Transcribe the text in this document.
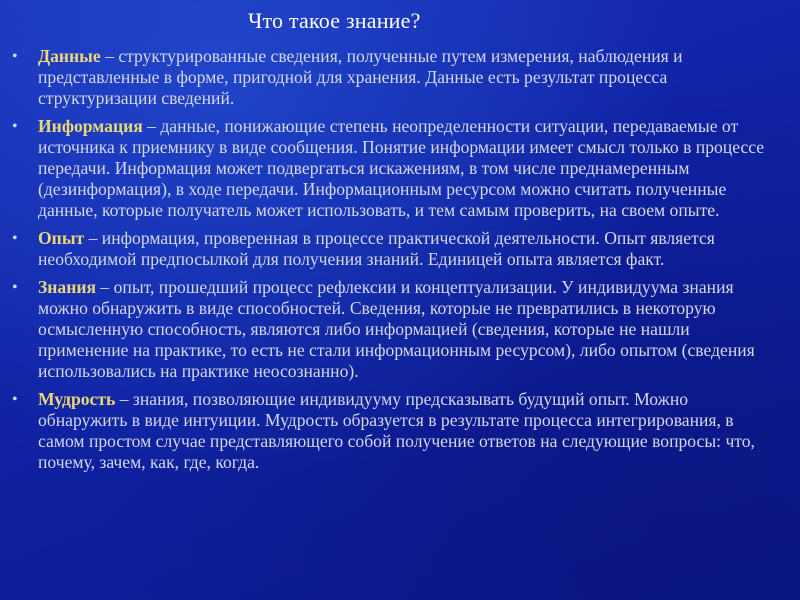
Что такое знание?
• Данные – структурированные сведения, полученные путем измерения, наблюдения и представленные в форме, пригодной для хранения. Данные есть результат процесса структуризации сведений.
• Информация – данные, понижающие степень неопределенности ситуации, передаваемые от источника к приемнику в виде сообщения. Понятие информации имеет смысл только в процессе передачи. Информация может подвергаться искажениям, в том числе преднамеренным (дезинформация), в ходе передачи. Информационным ресурсом можно считать полученные данные, которые получатель может использовать, и тем самым проверить, на своем опыте.
• Опыт – информация, проверенная в процессе практической деятельности. Опыт является необходимой предпосылкой для получения знаний. Единицей опыта является факт.
• Знания – опыт, прошедший процесс рефлексии и концептуализации. У индивидуума знания можно обнаружить в виде способностей. Сведения, которые не превратились в некоторую осмысленную способность, являются либо информацией (сведения, которые не нашли применение на практике, то есть не стали информационным ресурсом), либо опытом (сведения использовались на практике неосознанно).
• Мудрость – знания, позволяющие индивидууму предсказывать будущий опыт. Можно обнаружить в виде интуиции. Мудрость образуется в результате процесса интегрирования, в самом простом случае представляющего собой получение ответов на следующие вопросы: что, почему, зачем, как, где, когда.
